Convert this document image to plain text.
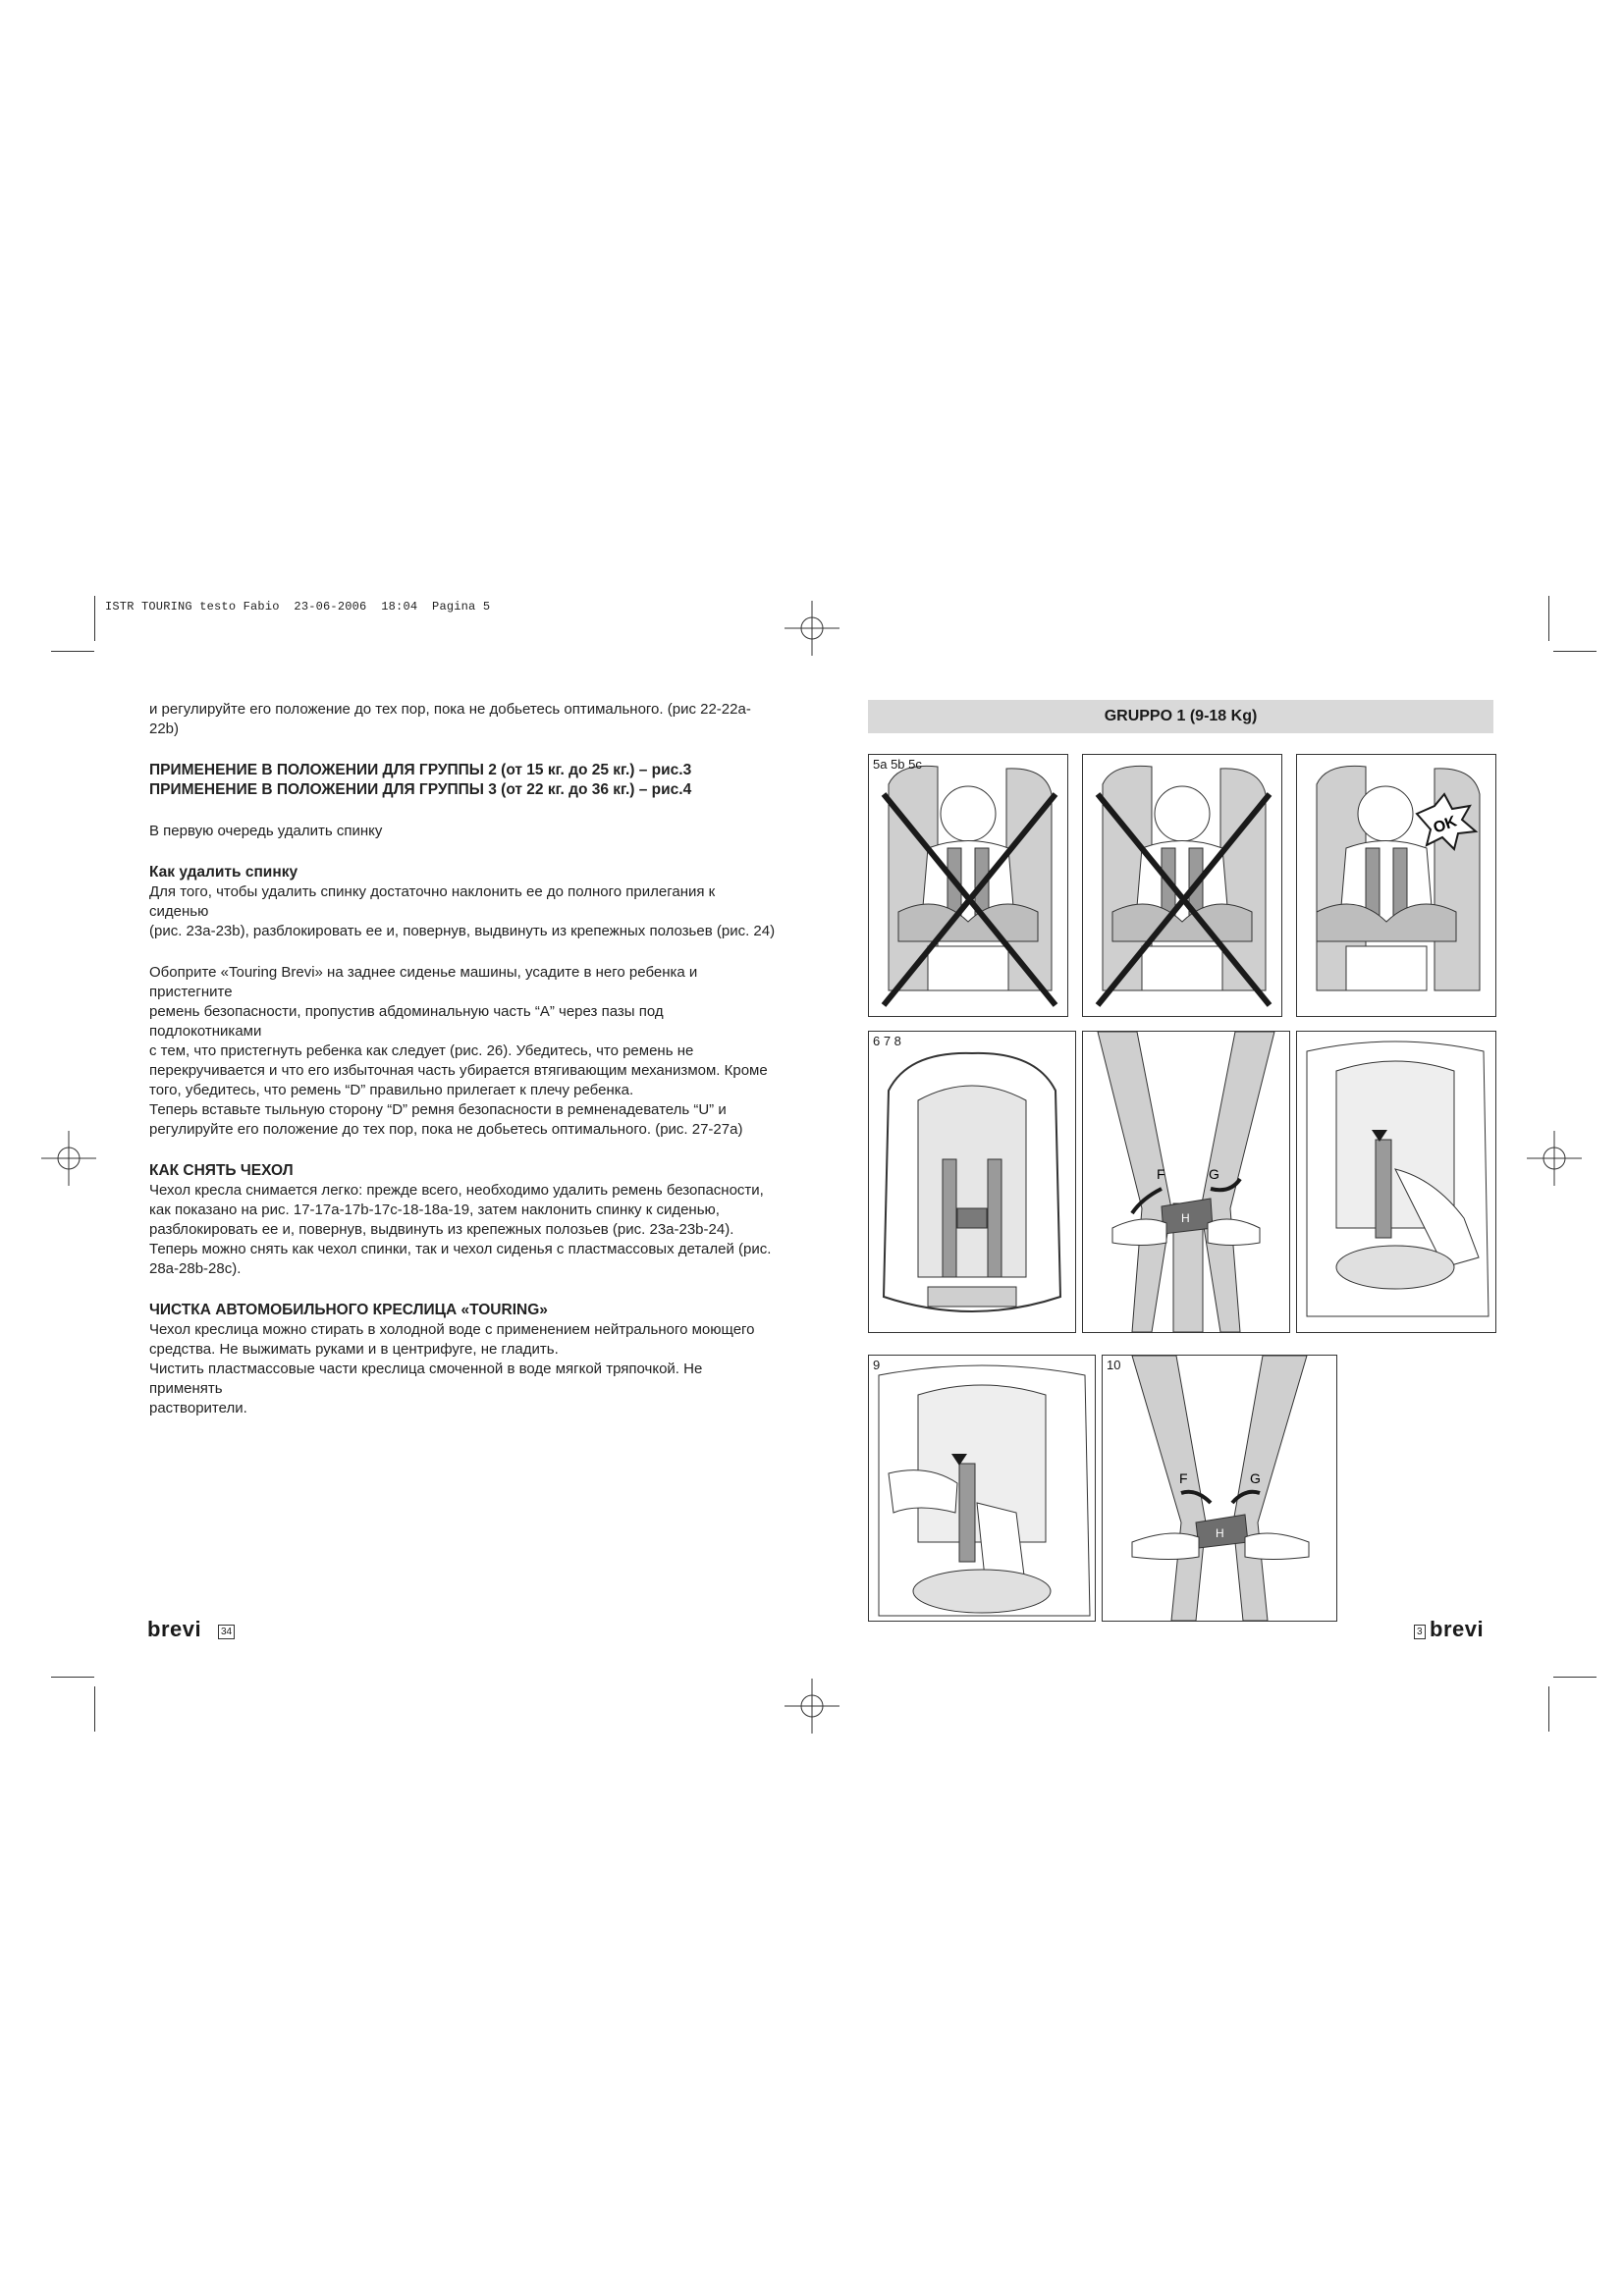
ISTR TOURING testo Fabio  23-06-2006  18:04  Pagina 5

и регулируйте его положение до тех пор, пока не добьетесь оптимального. (рис 22-22a-22b)

ПРИМЕНЕНИЕ В ПОЛОЖЕНИИ ДЛЯ ГРУППЫ 2 (от 15 кг. до 25 кг.) – рис.3

ПРИМЕНЕНИЕ В ПОЛОЖЕНИИ ДЛЯ ГРУППЫ 3 (от 22 кг. до 36 кг.) – рис.4

В первую очередь удалить спинку

Как удалить спинку

Для того, чтобы удалить спинку достаточно наклонить ее до полного прилегания к сиденью

(рис. 23a-23b), разблокировать ее и, повернув, выдвинуть из крепежных полозьев (рис. 24)

Обоприте «Touring Brevi» на заднее сиденье машины, усадите в него ребенка и пристегните

ремень безопасности, пропустив абдоминальную часть “A” через пазы под подлокотниками

с тем, что пристегнуть ребенка как следует (рис. 26). Убедитесь, что ремень не

перекручивается и что его избыточная часть убирается втягивающим механизмом. Кроме

того, убедитесь, что ремень “D” правильно прилегает к плечу ребенка.

Теперь вставьте тыльную сторону “D” ремня безопасности в ремненадеватель “U” и

регулируйте его положение до тех пор, пока не добьетесь оптимального. (рис. 27-27a)

КАК СНЯТЬ ЧЕХОЛ

Чехол кресла снимается легко: прежде всего, необходимо удалить ремень безопасности,

как показано на рис. 17-17a-17b-17c-18-18a-19, затем наклонить спинку к сиденью,

разблокировать ее и, повернув, выдвинуть из крепежных полозьев (рис. 23a-23b-24).

Теперь можно снять как чехол спинки, так и чехол сиденья с пластмассовых деталей (рис.

28a-28b-28c).

ЧИСТКА АВТОМОБИЛЬНОГО КРЕСЛИЦА «TOURING»

Чехол креслица можно стирать в холодной воде с применением нейтрального моющего

средства. Не выжимать руками и в центрифуге, не гладить.

Чистить пластмассовые части креслица смоченной в воде мягкой тряпочкой. Не применять

растворители.

brevi	34
GRUPPO 1 (9-18 Kg)
5a 5b 5c
OK
6 7 8
F	G
H
9
F	G
H
10
3 brevi
